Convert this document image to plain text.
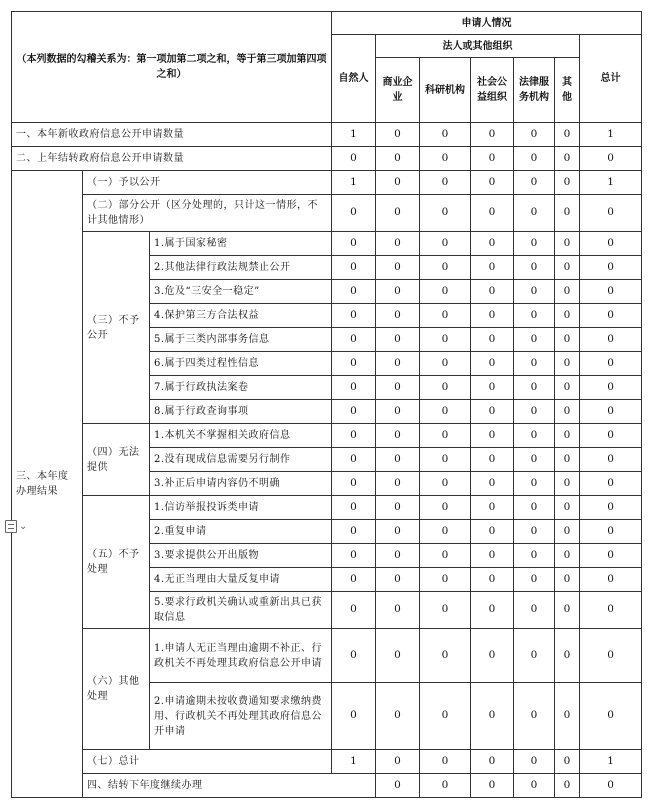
（本列数据的勾稽关系为：第一项加第二项之和，等于第三项加第四项之和）			申请人情况							
			自然人	法人或其他组织					总计	
				商业企业	科研机构	社会公益组织	法律服务机构	其他		
一、本年新收政府信息公开申请数量			1	0	0	0	0	0	1	
二、上年结转政府信息公开申请数量			0	0	0	0	0	0	0	
三、本年度办理结果	（一）予以公开		1	0	0	0	0	0	1	
	（二）部分公开（区分处理的，只计这一情形，不计其他情形）		0	0	0	0	0	0	0	
	（三）不予公开	1.属于国家秘密	0	0	0	0	0	0	0	
		2.其他法律行政法规禁止公开	0	0	0	0	0	0	0	
		3.危及“三安全一稳定”	0	0	0	0	0	0	0	
		4.保护第三方合法权益	0	0	0	0	0	0	0	
		5.属于三类内部事务信息	0	0	0	0	0	0	0	
		6.属于四类过程性信息	0	0	0	0	0	0	0	
		7.属于行政执法案卷	0	0	0	0	0	0	0	
		8.属于行政查询事项	0	0	0	0	0	0	0	
	（四）无法提供	1.本机关不掌握相关政府信息	0	0	0	0	0	0	0	
		2.没有现成信息需要另行制作	0	0	0	0	0	0	0	
		3.补正后申请内容仍不明确	0	0	0	0	0	0	0	
	（五）不予处理	1.信访举报投诉类申请	0	0	0	0	0	0	0	
		2.重复申请	0	0	0	0	0	0	0	
		3.要求提供公开出版物	0	0	0	0	0	0	0	
		4.无正当理由大量反复申请	0	0	0	0	0	0	0	
		5.要求行政机关确认或重新出具已获取信息	0	0	0	0	0	0	0	
	（六）其他处理	1.申请人无正当理由逾期不补正、行政机关不再处理其政府信息公开申请	0	0	0	0	0	0	0	
		2.申请逾期未按收费通知要求缴纳费用、行政机关不再处理其政府信息公开申请	0	0	0	0	0	0	0	
	（七）总计		1	0	0	0	0	0	1	
	四、结转下年度继续办理			0	0	0	0	0	0	
⌄
